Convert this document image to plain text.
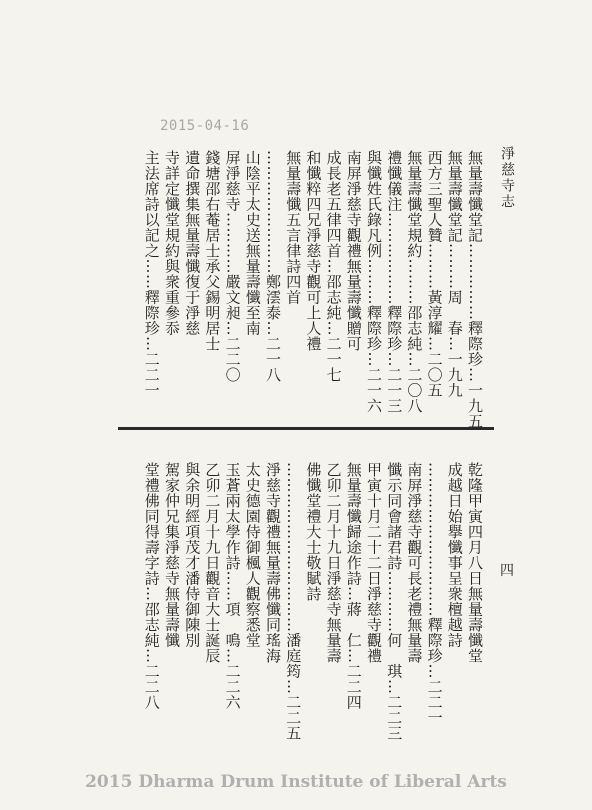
2015-04-16
淨慈寺志
四
無量壽懺堂記……………釋際珍…一九五
無量壽懺堂記………周　春…一九九
西方三聖人贊………黃淳耀…二〇五
無量壽懺堂規約………邵志純…二〇八
禮懺儀注………………釋際珍…二一三
與懺姓氏錄凡例………釋際珍…二一六
南屏淨慈寺觀禮無量壽懺贈可
成長老五律四首…邵志純…二一七
和懺粹四兄淨慈寺觀可上人禮
無量壽懺五言律詩四首
……………………鄭澐泰…二一八
山陰平太史送無量壽懺至南
屏淨慈寺…………嚴文昶…二二〇
錢塘邵右菴居士承父錫明居士
遺命撰集無量壽懺復于淨慈
寺詳定懺堂規約與衆重參忝
主法席詩以記之……釋際珍…二二一
乾隆甲寅四月八日無量壽懺堂
成越日始擧懺事呈衆檀越詩
…………………………釋際珍…二二一
南屏淨慈寺觀可長老禮無量壽
懺示同會諸君詩…………何　琪…二二三
甲寅十月二十二日淨慈寺觀禮
無量壽懺歸途作詩…蔣　仁…二二四
乙卯二月十九日淨慈寺無量壽
佛懺堂禮大士敬賦詩
……………………………潘庭筠…二二五
淨慈寺觀禮無量壽佛懺同瑤海
太史德園侍御楓人觀察悉堂
玉蒼兩太學作詩……項　鳴…二二六
乙卯二月十九日觀音大士誕辰
與余明經項茂才潘侍御陳別
駕家仲兄集淨慈寺無量壽懺
堂禮佛同得壽字詩…邵志純…二二八
2015 Dharma Drum Institute of Liberal Arts
